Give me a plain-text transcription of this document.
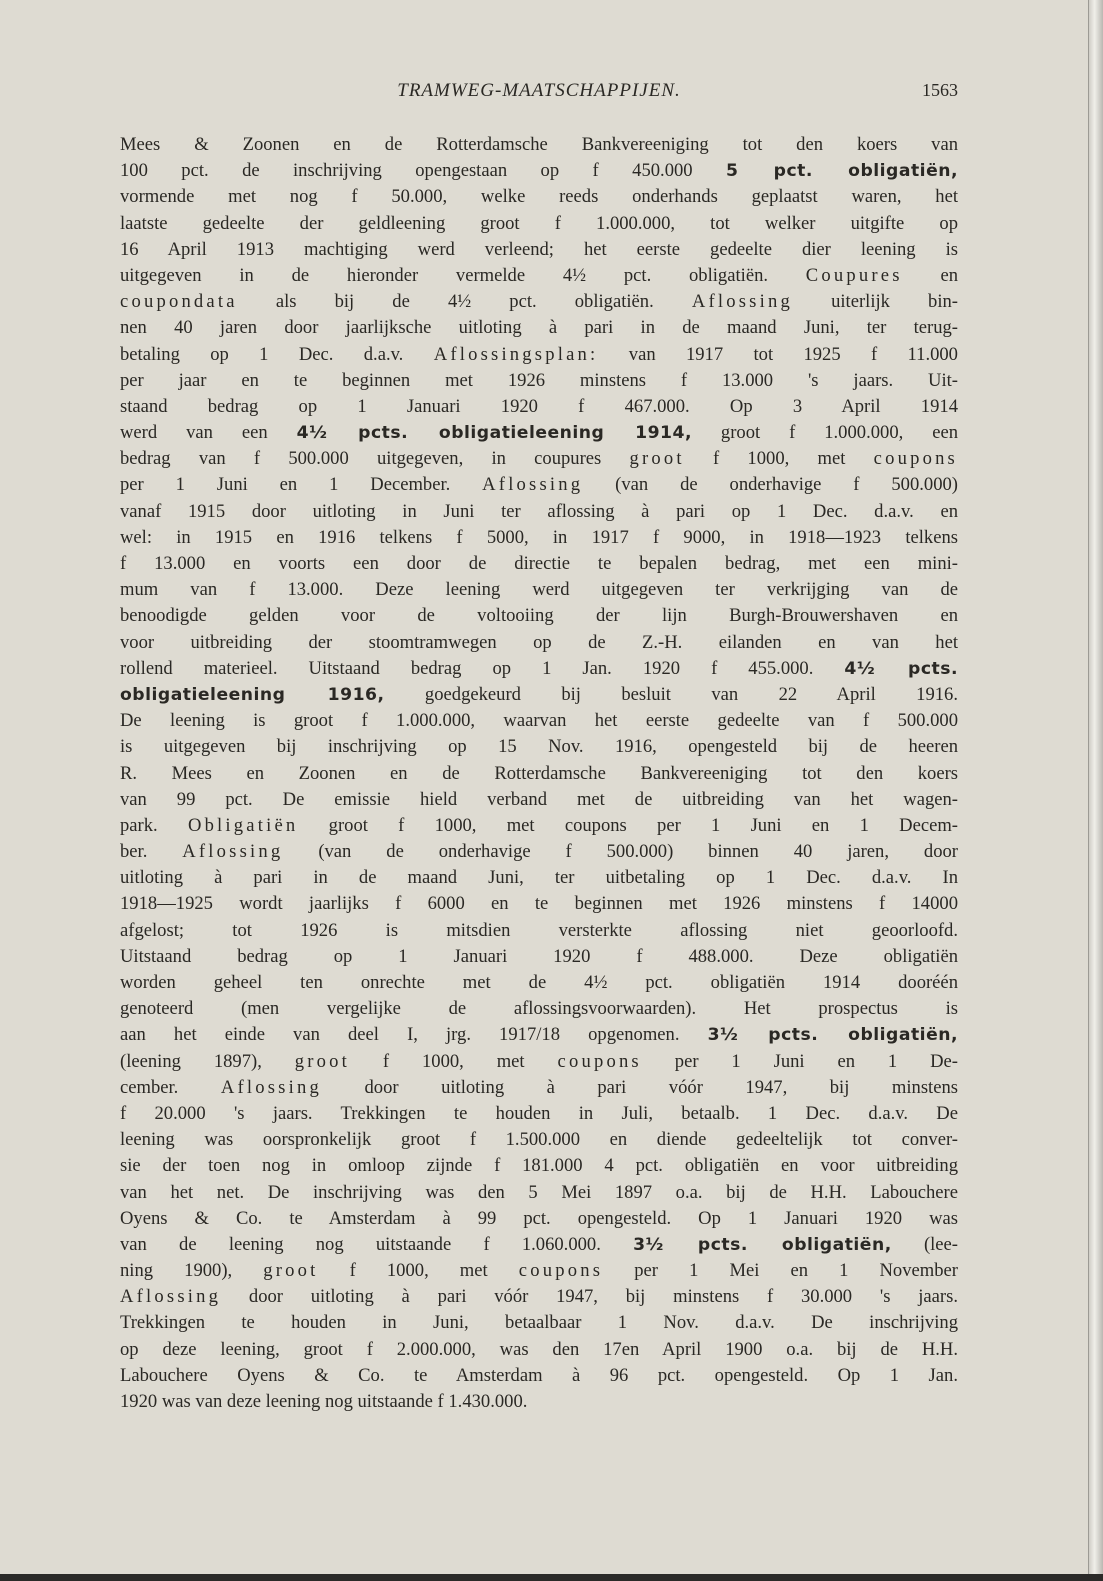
TRAMWEG-MAATSCHAPPIJEN.	1563
Mees & Zoonen en de Rotterdamsche Bankvereeniging tot den koers van
100 pct. de inschrijving opengestaan op f 450.000 5 pct. obligatiën,
vormende met nog f 50.000, welke reeds onderhands geplaatst waren, het
laatste gedeelte der geldleening groot f 1.000.000, tot welker uitgifte op
16 April 1913 machtiging werd verleend; het eerste gedeelte dier leening is
uitgegeven in de hieronder vermelde 4½ pct. obligatiën. Coupures en
coupondata als bij de 4½ pct. obligatiën. Aflossing uiterlijk bin-
nen 40 jaren door jaarlijksche uitloting à pari in de maand Juni, ter terug-
betaling op 1 Dec. d.a.v. Aflossingsplan: van 1917 tot 1925 f 11.000
per jaar en te beginnen met 1926 minstens f 13.000 's jaars. Uit-
staand bedrag op 1 Januari 1920 f 467.000. Op 3 April 1914
werd van een 4½ pcts. obligatieleening 1914, groot f 1.000.000, een
bedrag van f 500.000 uitgegeven, in coupures groot f 1000, met coupons
per 1 Juni en 1 December. Aflossing (van de onderhavige f 500.000)
vanaf 1915 door uitloting in Juni ter aflossing à pari op 1 Dec. d.a.v. en
wel: in 1915 en 1916 telkens f 5000, in 1917 f 9000, in 1918—1923 telkens
f 13.000 en voorts een door de directie te bepalen bedrag, met een mini-
mum van f 13.000. Deze leening werd uitgegeven ter verkrijging van de
benoodigde gelden voor de voltooiing der lijn Burgh-Brouwershaven en
voor uitbreiding der stoomtramwegen op de Z.-H. eilanden en van het
rollend materieel. Uitstaand bedrag op 1 Jan. 1920 f 455.000. 4½ pcts.
obligatieleening 1916, goedgekeurd bij besluit van 22 April 1916.
De leening is groot f 1.000.000, waarvan het eerste gedeelte van f 500.000
is uitgegeven bij inschrijving op 15 Nov. 1916, opengesteld bij de heeren
R. Mees en Zoonen en de Rotterdamsche Bankvereeniging tot den koers
van 99 pct. De emissie hield verband met de uitbreiding van het wagen-
park. Obligatiën groot f 1000, met coupons per 1 Juni en 1 Decem-
ber. Aflossing (van de onderhavige f 500.000) binnen 40 jaren, door
uitloting à pari in de maand Juni, ter uitbetaling op 1 Dec. d.a.v. In
1918—1925 wordt jaarlijks f 6000 en te beginnen met 1926 minstens f 14000
afgelost; tot 1926 is mitsdien versterkte aflossing niet geoorloofd.
Uitstaand bedrag op 1 Januari 1920 f 488.000. Deze obligatiën
worden geheel ten onrechte met de 4½ pct. obligatiën 1914 dooréén
genoteerd (men vergelijke de aflossingsvoorwaarden). Het prospectus is
aan het einde van deel I, jrg. 1917/18 opgenomen. 3½ pcts. obligatiën,
(leening 1897), groot f 1000, met coupons per 1 Juni en 1 De-
cember. Aflossing door uitloting à pari vóór 1947, bij minstens
f 20.000 's jaars. Trekkingen te houden in Juli, betaalb. 1 Dec. d.a.v. De
leening was oorspronkelijk groot f 1.500.000 en diende gedeeltelijk tot conver-
sie der toen nog in omloop zijnde f 181.000 4 pct. obligatiën en voor uitbreiding
van het net. De inschrijving was den 5 Mei 1897 o.a. bij de H.H. Labouchere
Oyens & Co. te Amsterdam à 99 pct. opengesteld. Op 1 Januari 1920 was
van de leening nog uitstaande f 1.060.000. 3½ pcts. obligatiën, (lee-
ning 1900), groot f 1000, met coupons per 1 Mei en 1 November
Aflossing door uitloting à pari vóór 1947, bij minstens f 30.000 's jaars.
Trekkingen te houden in Juni, betaalbaar 1 Nov. d.a.v. De inschrijving
op deze leening, groot f 2.000.000, was den 17en April 1900 o.a. bij de H.H.
Labouchere Oyens & Co. te Amsterdam à 96 pct. opengesteld. Op 1 Jan.
1920 was van deze leening nog uitstaande f 1.430.000.
